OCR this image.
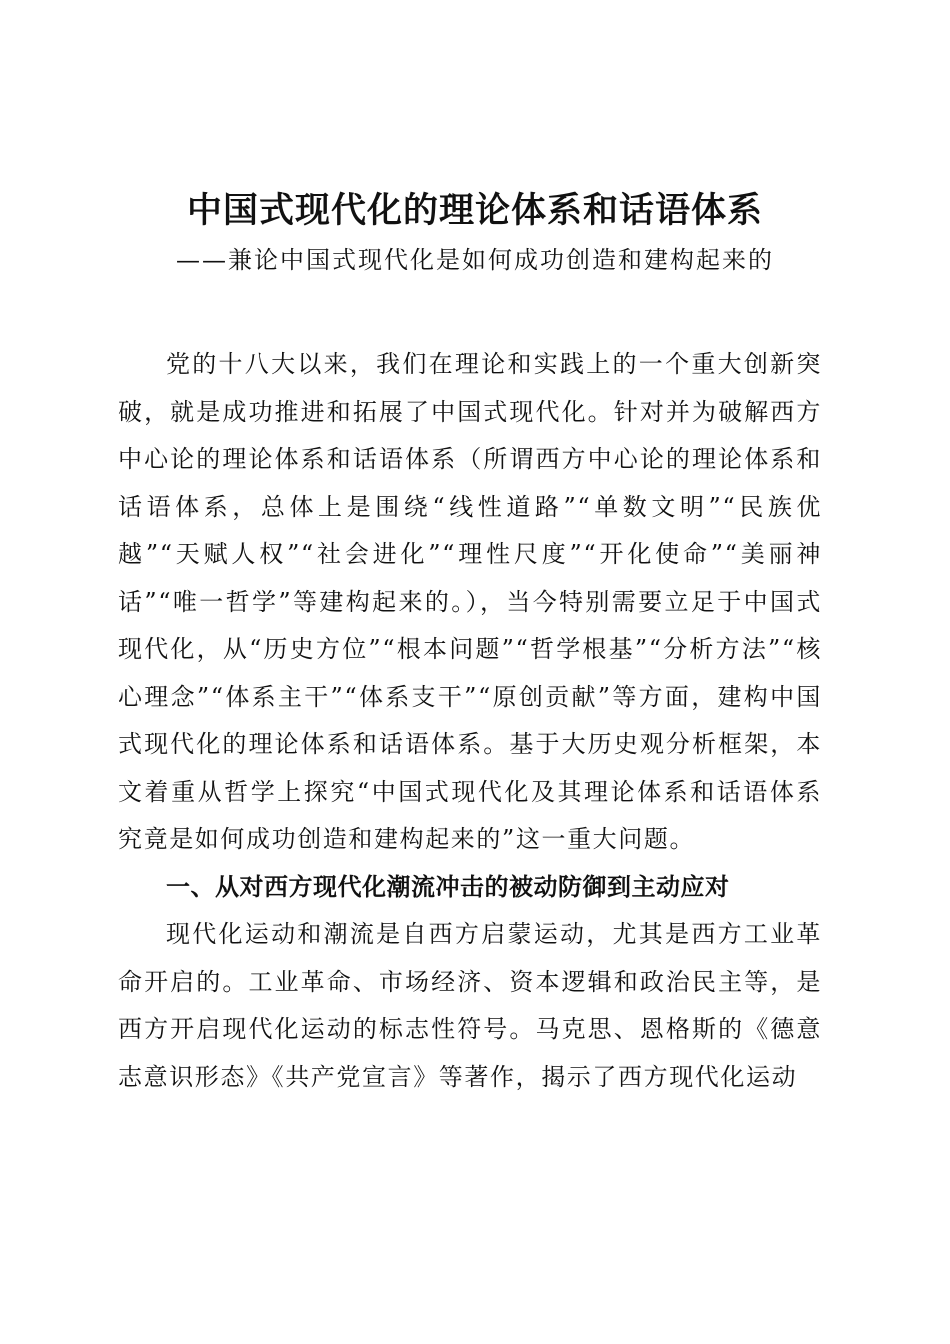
中国式现代化的理论体系和话语体系
——兼论中国式现代化是如何成功创造和建构起来的

党的十八大以来，我们在理论和实践上的一个重大创新突破，就是成功推进和拓展了中国式现代化。针对并为破解西方中心论的理论体系和话语体系（所谓西方中心论的理论体系和话语体系，总体上是围绕“线性道路”“单数文明”“民族优越”“天赋人权”“社会进化”“理性尺度”“开化使命”“美丽神话”“唯一哲学”等建构起来的。），当今特别需要立足于中国式现代化，从“历史方位”“根本问题”“哲学根基”“分析方法”“核心理念”“体系主干”“体系支干”“原创贡献”等方面，建构中国式现代化的理论体系和话语体系。基于大历史观分析框架，本文着重从哲学上探究“中国式现代化及其理论体系和话语体系究竟是如何成功创造和建构起来的”这一重大问题。

一、从对西方现代化潮流冲击的被动防御到主动应对

现代化运动和潮流是自西方启蒙运动，尤其是西方工业革命开启的。工业革命、市场经济、资本逻辑和政治民主等，是西方开启现代化运动的标志性符号。马克思、恩格斯的《德意志意识形态》《共产党宣言》等著作，揭示了西方现代化运动
